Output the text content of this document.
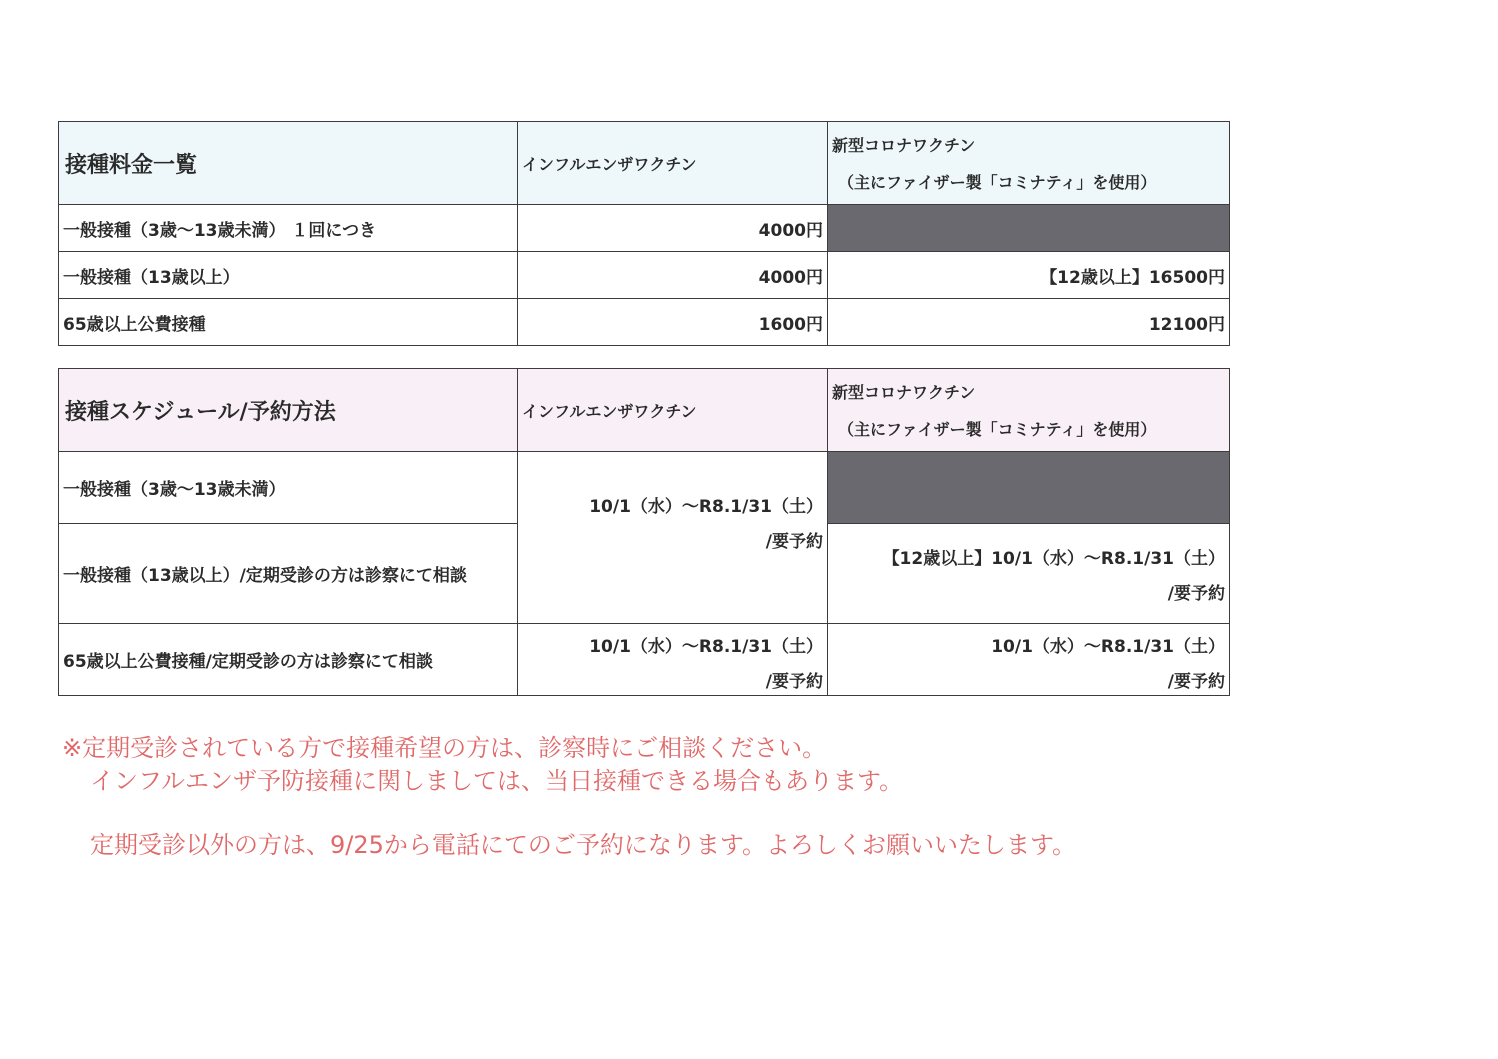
接種料金一覧	インフルエンザワクチン	新型コロナワクチン
（主にファイザー製「コミナティ」を使用）

一般接種（3歳～13歳未満） １回につき	4000円	
一般接種（13歳以上）	4000円	【12歳以上】16500円
65歳以上公費接種	1600円	12100円
接種スケジュール/予約方法	インフルエンザワクチン	新型コロナワクチン
（主にファイザー製「コミナティ」を使用）

一般接種（3歳～13歳未満）	10/1（水）～R8.1/31（土）
/要予約	

一般接種（13歳以上）/定期受診の方は診察にて相談		【12歳以上】10/1（水）～R8.1/31（土）
/要予約

65歳以上公費接種/定期受診の方は診察にて相談	10/1（水）～R8.1/31（土）
/要予約	10/1（水）～R8.1/31（土）
/要予約
※定期受診されている方で接種希望の方は、診察時にご相談ください。
インフルエンザ予防接種に関しましては、当日接種できる場合もあります。
定期受診以外の方は、9/25から電話にてのご予約になります。よろしくお願いいたします。
